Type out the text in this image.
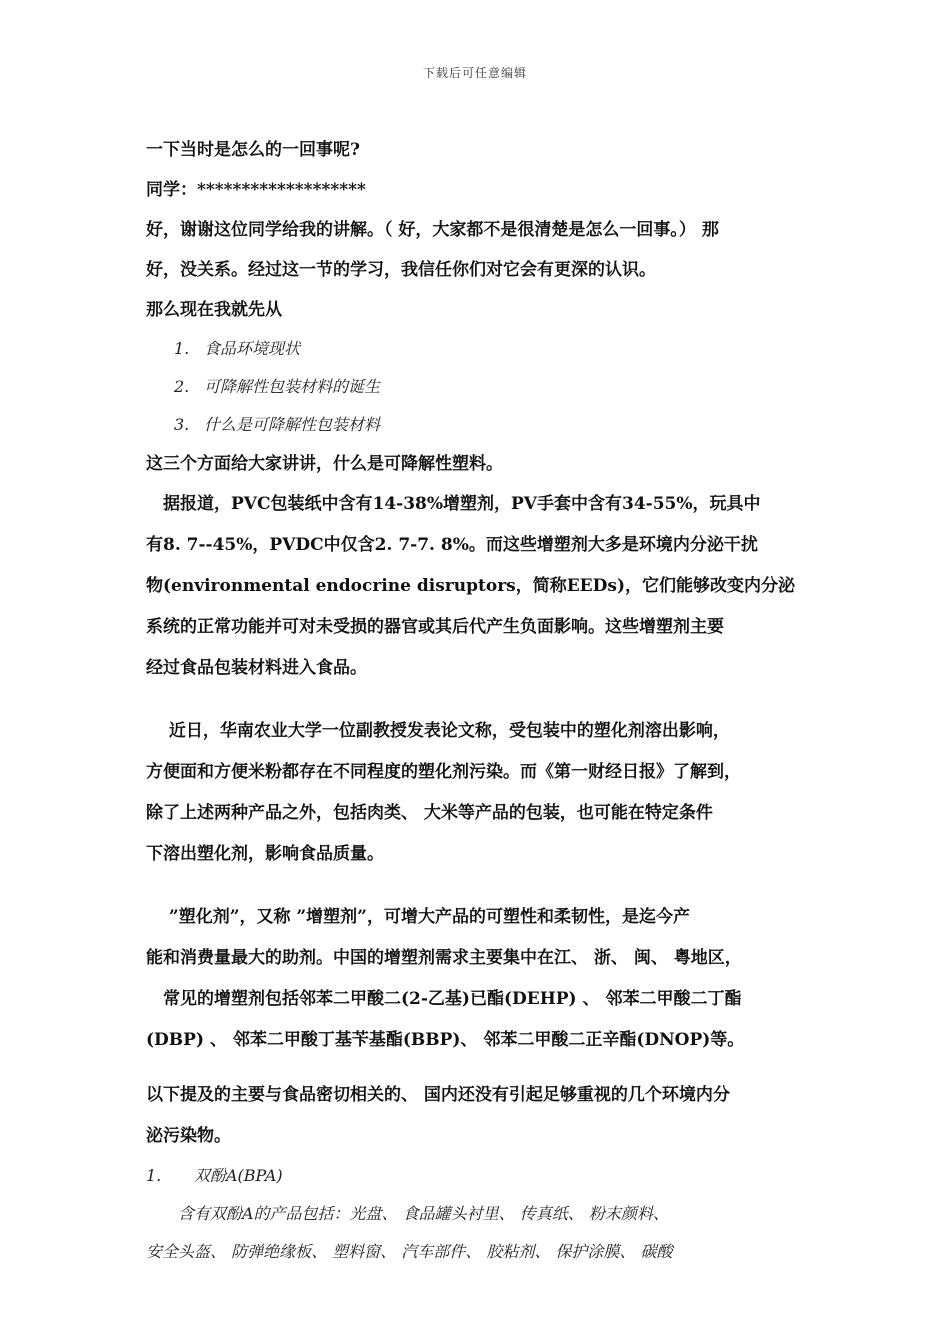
下载后可任意编辑
一下当时是怎么的一回事呢?
同学：*******************
好，谢谢这位同学给我的讲解。（ 好，大家都不是很清楚是怎么一回事。） 那
好，没关系。经过这一节的学习，我信任你们对它会有更深的认识。
那么现在我就先从
1. 食品环境现状
2. 可降解性包装材料的诞生
3. 什么是可降解性包装材料
这三个方面给大家讲讲，什么是可降解性塑料。
　据报道，PVC包装纸中含有14-38%增塑剂，PV手套中含有34-55%，玩具中
有8. 7--45%，PVDC中仅含2. 7-7. 8%。而这些增塑剂大多是环境内分泌干扰
物(environmental endocrine disruptors，简称EEDs)，它们能够改变内分泌
系统的正常功能并可对未受损的器官或其后代产生负面影响。这些增塑剂主要
经过食品包装材料进入食品。
　 近日，华南农业大学一位副教授发表论文称，受包装中的塑化剂溶出影响，
方便面和方便米粉都存在不同程度的塑化剂污染。而《第一财经日报》了解到，
除了上述两种产品之外，包括肉类、 大米等产品的包装，也可能在特定条件
下溶出塑化剂，影响食品质量。
　 ”塑化剂”，又称 ”增塑剂”，可增大产品的可塑性和柔韧性，是迄今产
能和消费量最大的助剂。中国的增塑剂需求主要集中在江、 浙、 闽、 粤地区，
　常见的增塑剂包括邻苯二甲酸二(2-乙基)已酯(DEHP) 、 邻苯二甲酸二丁酯
(DBP) 、 邻苯二甲酸丁基苄基酯(BBP)、 邻苯二甲酸二正辛酯(DNOP)等。
以下提及的主要与食品密切相关的、 国内还没有引起足够重视的几个环境内分
泌污染物。
1. 双酚A(BPA)
　　含有双酚A的产品包括：光盘、 食品罐头衬里、 传真纸、 粉末颜料、
安全头盔、 防弹绝缘板、 塑料窗、 汽车部件、 胶粘剂、 保护涂膜、 碳酸
